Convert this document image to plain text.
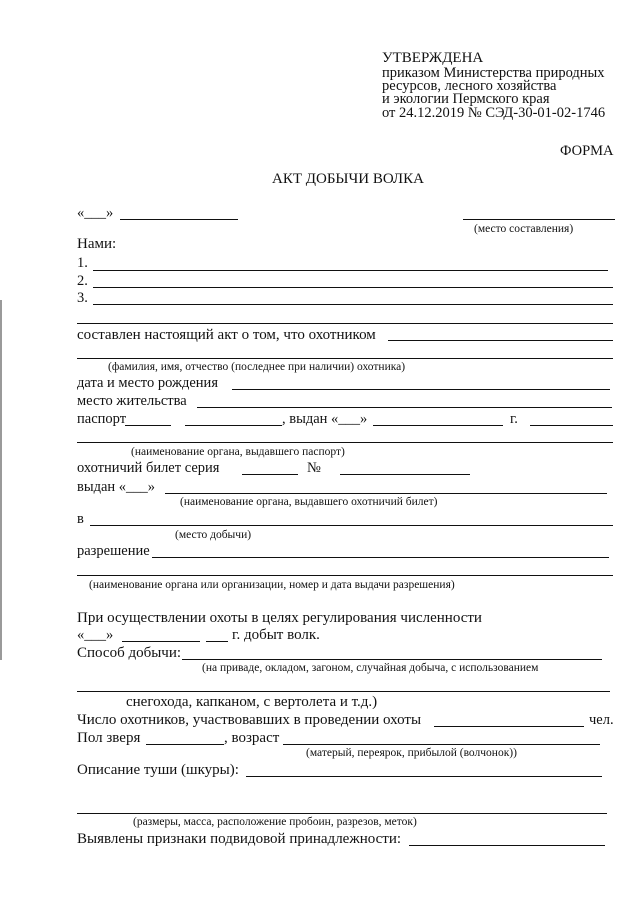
УТВЕРЖДЕНА
приказом Министерства природных
ресурсов, лесного хозяйства
и экологии Пермского края
от 24.12.2019 № СЭД-30-01-02-1746
ФОРМА
АКТ ДОБЫЧИ ВОЛКА
«___»
(место составления)
Нами:
1.
2.
3.
составлен настоящий акт о том, что охотником
(фамилия, имя, отчество (последнее при наличии) охотника)
дата и место рождения
место жительства
паспорт	, выдан «___»	г.
(наименование органа, выдавшего паспорт)
охотничий билет серия	№
выдан «___»
(наименование органа, выдавшего охотничий билет)
в
(место добычи)
разрешение
(наименование органа или организации, номер и дата выдачи разрешения)
При осуществлении охоты в целях регулирования численности
«___»	г. добыт волк.
Способ добычи:
(на приваде, окладом, загоном, случайная добыча, с использованием
снегохода, капканом, с вертолета и т.д.)
Число охотников, участвовавших в проведении охоты	чел.
Пол зверя	, возраст
(матерый, переярок, прибылой (волчонок))
Описание туши (шкуры):
(размеры, масса, расположение пробоин, разрезов, меток)
Выявлены признаки подвидовой принадлежности:
